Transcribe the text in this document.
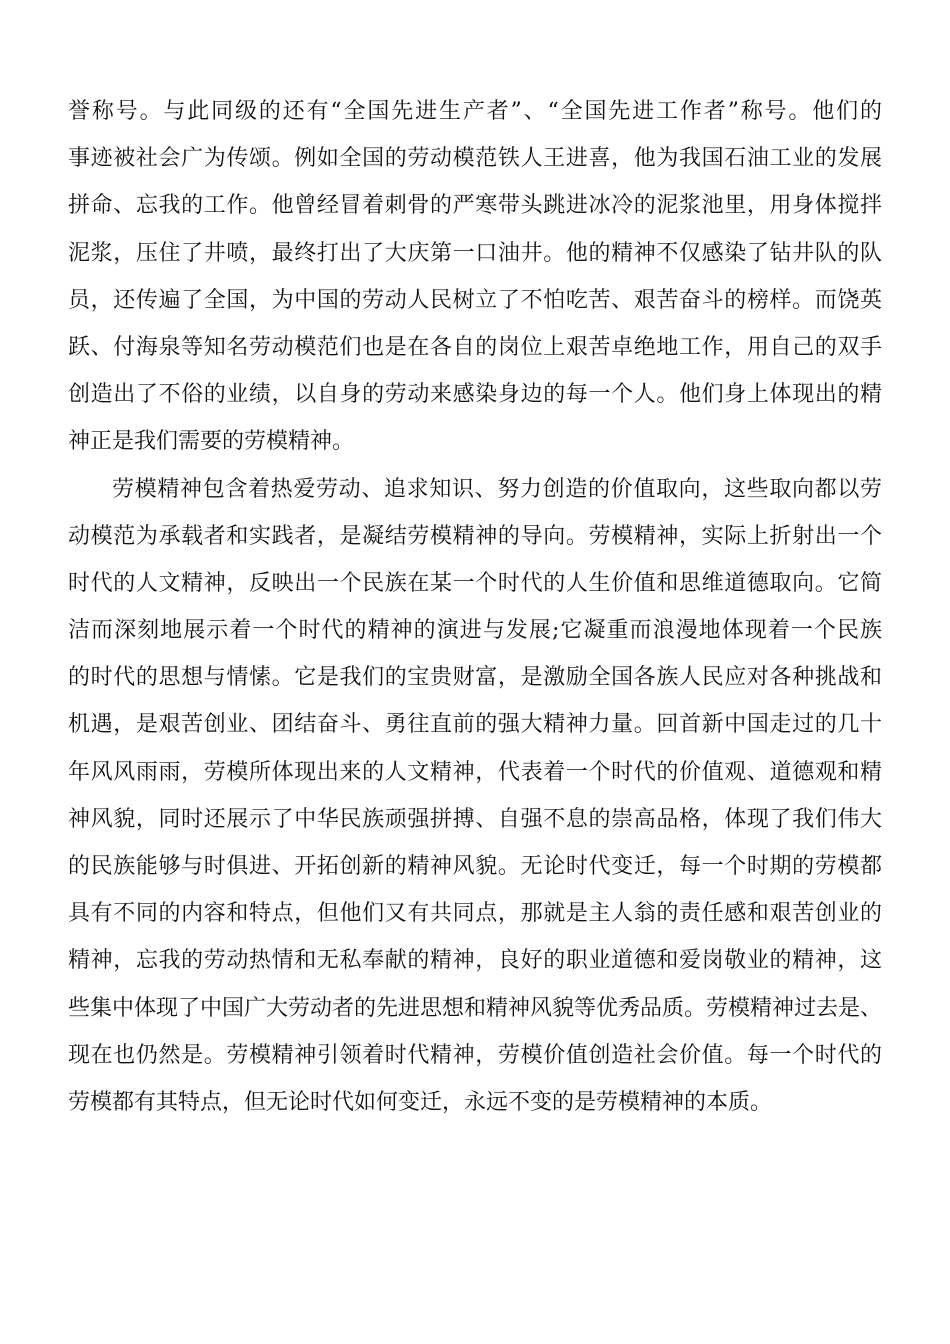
誉称号。与此同级的还有“全国先进生产者”、“全国先进工作者”称号。他们的
事迹被社会广为传颂。例如全国的劳动模范铁人王进喜，他为我国石油工业的发展
拼命、忘我的工作。他曾经冒着刺骨的严寒带头跳进冰冷的泥浆池里，用身体搅拌
泥浆，压住了井喷，最终打出了大庆第一口油井。他的精神不仅感染了钻井队的队
员，还传遍了全国，为中国的劳动人民树立了不怕吃苦、艰苦奋斗的榜样。而饶英
跃、付海泉等知名劳动模范们也是在各自的岗位上艰苦卓绝地工作，用自己的双手
创造出了不俗的业绩，以自身的劳动来感染身边的每一个人。他们身上体现出的精
神正是我们需要的劳模精神。
劳模精神包含着热爱劳动、追求知识、努力创造的价值取向，这些取向都以劳
动模范为承载者和实践者，是凝结劳模精神的导向。劳模精神，实际上折射出一个
时代的人文精神，反映出一个民族在某一个时代的人生价值和思维道德取向。它简
洁而深刻地展示着一个时代的精神的演进与发展;它凝重而浪漫地体现着一个民族
的时代的思想与情愫。它是我们的宝贵财富，是激励全国各族人民应对各种挑战和
机遇，是艰苦创业、团结奋斗、勇往直前的强大精神力量。回首新中国走过的几十
年风风雨雨，劳模所体现出来的人文精神，代表着一个时代的价值观、道德观和精
神风貌，同时还展示了中华民族顽强拼搏、自强不息的崇高品格，体现了我们伟大
的民族能够与时俱进、开拓创新的精神风貌。无论时代变迁，每一个时期的劳模都
具有不同的内容和特点，但他们又有共同点，那就是主人翁的责任感和艰苦创业的
精神，忘我的劳动热情和无私奉献的精神，良好的职业道德和爱岗敬业的精神，这
些集中体现了中国广大劳动者的先进思想和精神风貌等优秀品质。劳模精神过去是、
现在也仍然是。劳模精神引领着时代精神，劳模价值创造社会价值。每一个时代的
劳模都有其特点，但无论时代如何变迁，永远不变的是劳模精神的本质。
